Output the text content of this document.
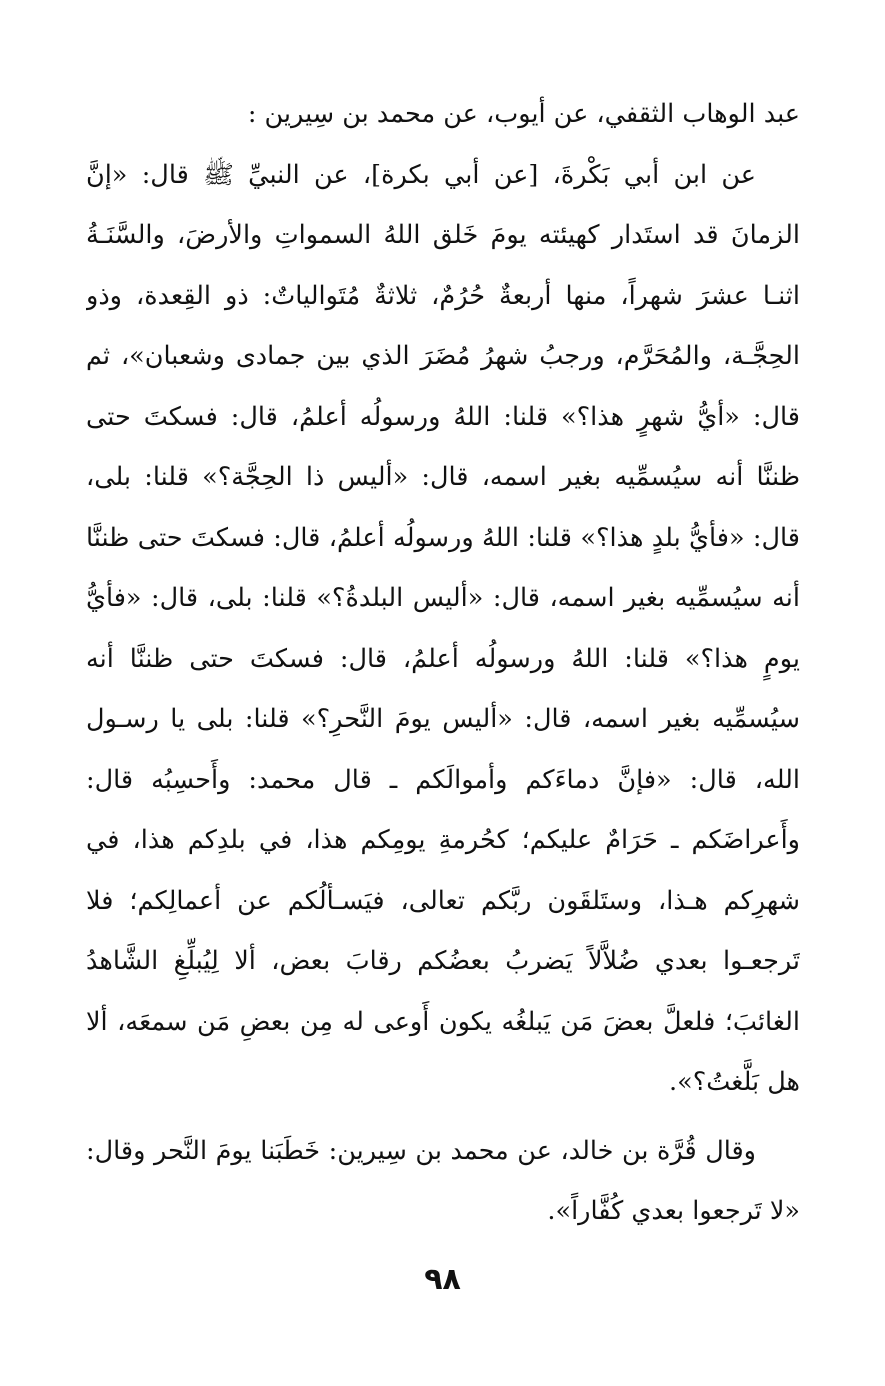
عبد الوهاب الثقفي، عن أيوب، عن محمد بن سِيرين :

عن ابن أبي بَكْرةَ، [عن أبي بكرة]، عن النبيِّ ﷺ قال: «إنَّ الزمانَ قد استَدار كهيئته يومَ خَلق اللهُ السمواتِ والأرضَ، والسَّنَـةُ اثنـا عشرَ شهراً، منها أربعةٌ حُرُمٌ، ثلاثةٌ مُتَوالياتٌ: ذو القِعدة، وذو الحِجَّـة، والمُحَرَّم، ورجبُ شهرُ مُضَرَ الذي بين جمادى وشعبان»، ثم قال: «أيُّ شهرٍ هذا؟» قلنا: اللهُ ورسولُه أعلمُ، قال: فسكتَ حتى ظننَّا أنه سيُسمِّيه بغير اسمه، قال: «أليس ذا الحِجَّة؟» قلنا: بلى، قال: «فأيُّ بلدٍ هذا؟» قلنا: اللهُ ورسولُه أعلمُ، قال: فسكتَ حتى ظننَّا أنه سيُسمِّيه بغير اسمه، قال: «أليس البلدةُ؟» قلنا: بلى، قال: «فأيُّ يومٍ هذا؟» قلنا: اللهُ ورسولُه أعلمُ، قال: فسكتَ حتى ظننَّا أنه سيُسمِّيه بغير اسمه، قال: «أليس يومَ النَّحرِ؟» قلنا: بلى يا رسـول الله، قال: «فإنَّ دماءَكم وأموالَكم ـ قال محمد: وأَحسِبُه قال: وأَعراضَكم ـ حَرَامٌ عليكم؛ كحُرمةِ يومِكم هذا، في بلدِكم هذا، في شهرِكم هـذا، وستَلقَون ربَّكم تعالى، فيَسـألُكم عن أعمالِكم؛ فلا تَرجعـوا بعدي ضُلاَّلاً يَضربُ بعضُكم رقابَ بعض، ألا لِيُبلِّغِ الشَّاهدُ الغائبَ؛ فلعلَّ بعضَ مَن يَبلغُه يكون أَوعى له مِن بعضِ مَن سمعَه، ألا هل بَلَّغتُ؟».

وقال قُرَّة بن خالد، عن محمد بن سِيرين: خَطَبَنا يومَ النَّحر وقال: «لا تَرجعوا بعدي كُفَّاراً».

٩٨
